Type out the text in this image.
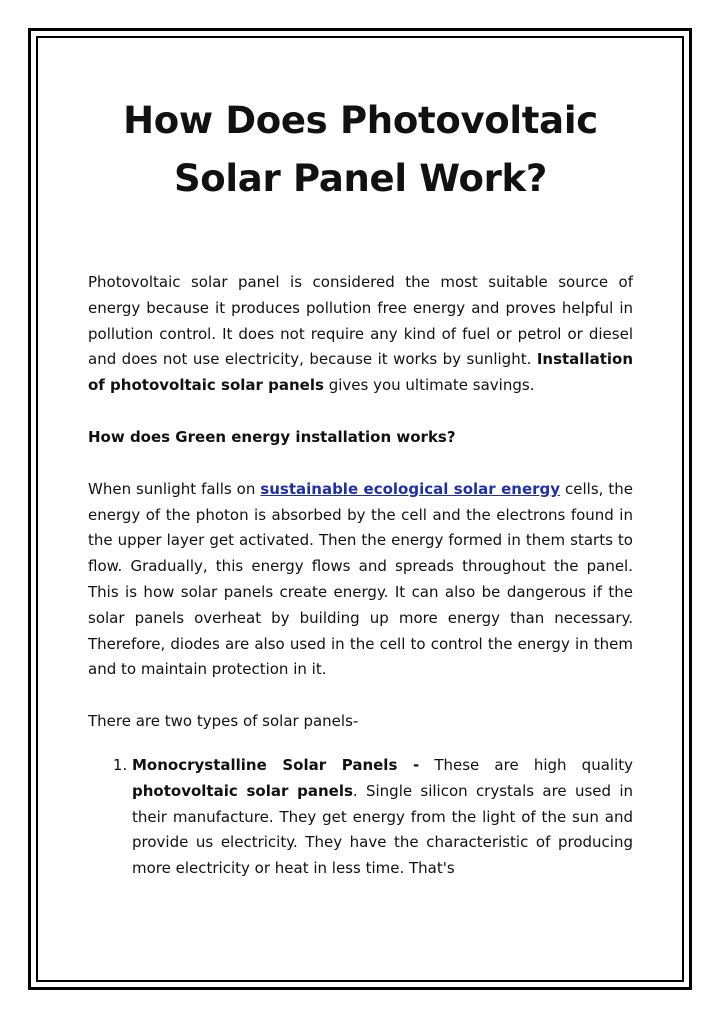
How Does Photovoltaic Solar Panel Work?

Photovoltaic solar panel is considered the most suitable source of energy because it produces pollution free energy and proves helpful in pollution control. It does not require any kind of fuel or petrol or diesel and does not use electricity, because it works by sunlight. Installation of photovoltaic solar panels gives you ultimate savings.

How does Green energy installation works?

When sunlight falls on sustainable ecological solar energy cells, the energy of the photon is absorbed by the cell and the electrons found in the upper layer get activated. Then the energy formed in them starts to flow. Gradually, this energy flows and spreads throughout the panel. This is how solar panels create energy. It can also be dangerous if the solar panels overheat by building up more energy than necessary. Therefore, diodes are also used in the cell to control the energy in them and to maintain protection in it.

There are two types of solar panels-

1. Monocrystalline Solar Panels - These are high quality photovoltaic solar panels. Single silicon crystals are used in their manufacture. They get energy from the light of the sun and provide us electricity. They have the characteristic of producing more electricity or heat in less time. That's
